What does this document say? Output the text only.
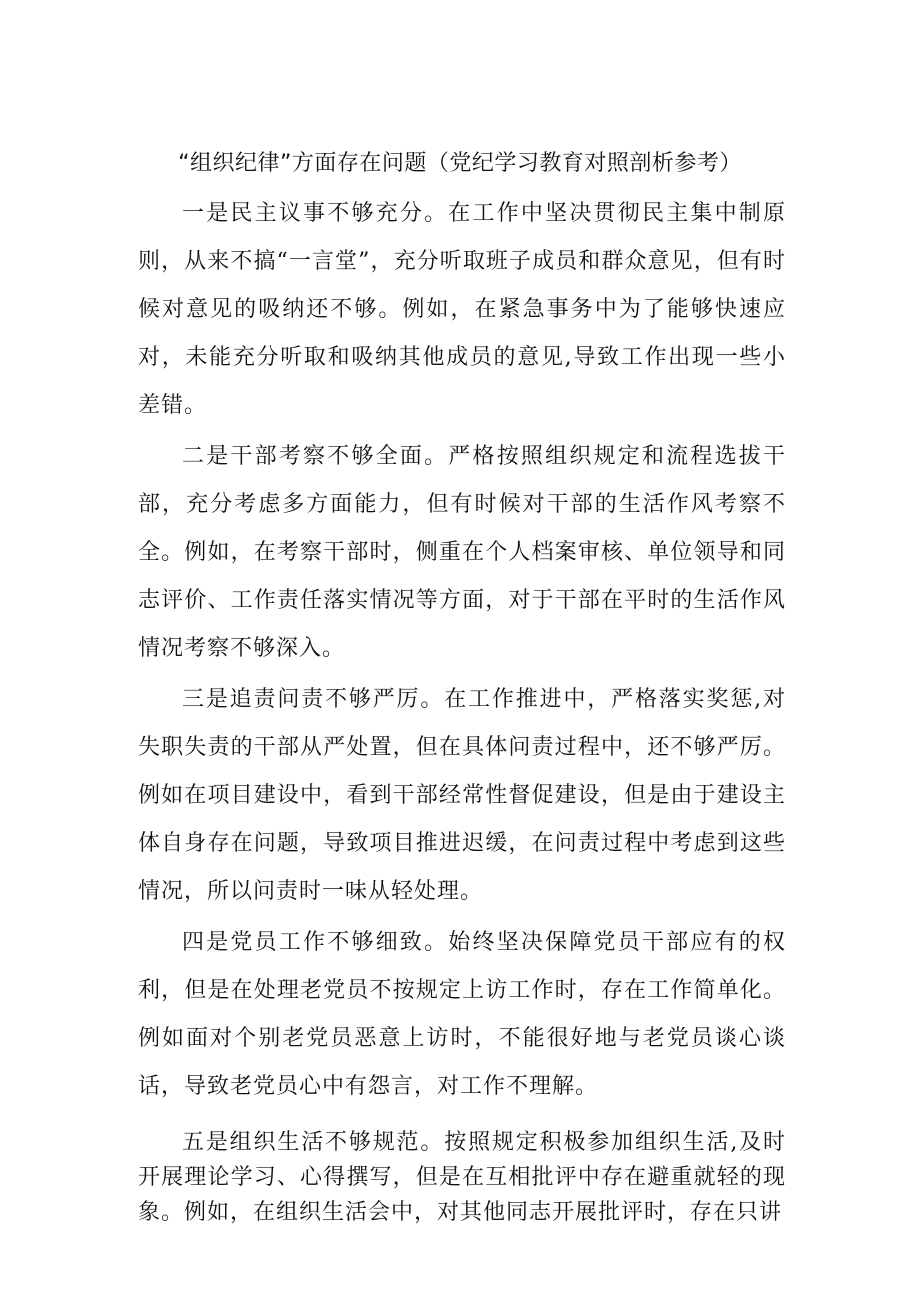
“组织纪律”方面存在问题（党纪学习教育对照剖析参考）

一是民主议事不够充分。在工作中坚决贯彻民主集中制原则，从来不搞“一言堂”，充分听取班子成员和群众意见，但有时候对意见的吸纳还不够。例如，在紧急事务中为了能够快速应对，未能充分听取和吸纳其他成员的意见,导致工作出现一些小差错。

二是干部考察不够全面。严格按照组织规定和流程选拔干部，充分考虑多方面能力，但有时候对干部的生活作风考察不全。例如，在考察干部时，侧重在个人档案审核、单位领导和同志评价、工作责任落实情况等方面，对于干部在平时的生活作风情况考察不够深入。

三是追责问责不够严厉。在工作推进中，严格落实奖惩,对失职失责的干部从严处置，但在具体问责过程中，还不够严厉。例如在项目建设中，看到干部经常性督促建设，但是由于建设主体自身存在问题，导致项目推进迟缓，在问责过程中考虑到这些情况，所以问责时一味从轻处理。

四是党员工作不够细致。始终坚决保障党员干部应有的权利，但是在处理老党员不按规定上访工作时，存在工作简单化。例如面对个别老党员恶意上访时，不能很好地与老党员谈心谈话，导致老党员心中有怨言，对工作不理解。

五是组织生活不够规范。按照规定积极参加组织生活,及时开展理论学习、心得撰写，但是在互相批评中存在避重就轻的现象。例如，在组织生活会中，对其他同志开展批评时，存在只讲
